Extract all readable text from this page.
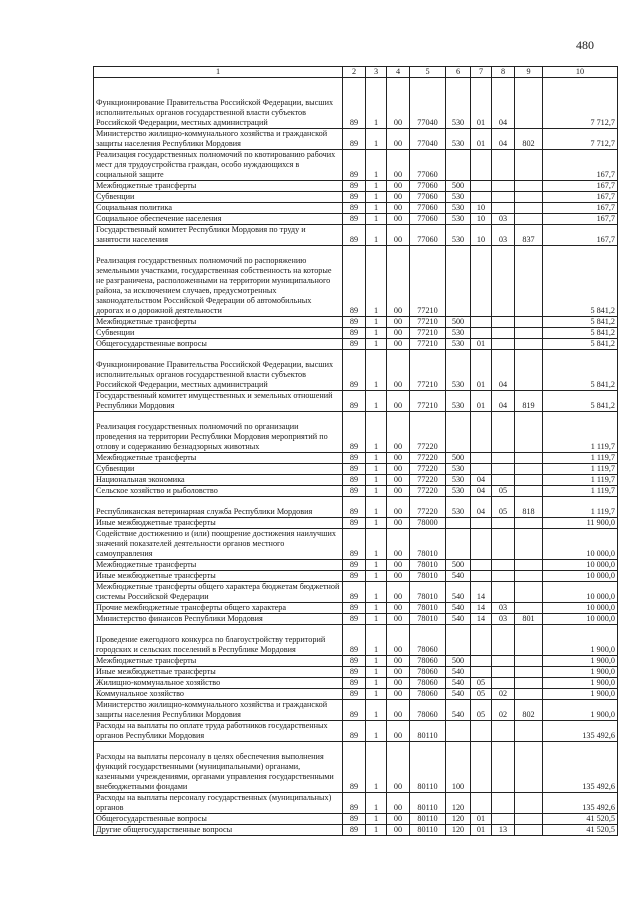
480
1	2	3	4	5	6	7	8	9	10
Функционирование Правительства Российской Федерации, высших исполнительных органов государственной власти субъектов Российской Федерации, местных администраций	89	1	00	77040	530	01	04		7 712,7
Министерство жилищно-коммунального хозяйства и гражданской защиты населения Республики Мордовия	89	1	00	77040	530	01	04	802	7 712,7
Реализация государственных полномочий по квотированию рабочих мест для трудоустройства граждан, особо нуждающихся в социальной защите	89	1	00	77060					167,7
Межбюджетные трансферты	89	1	00	77060	500				167,7
Субвенции	89	1	00	77060	530				167,7
Социальная политика	89	1	00	77060	530	10			167,7
Социальное обеспечение населения	89	1	00	77060	530	10	03		167,7
Государственный комитет Республики Мордовия по труду и занятости населения	89	1	00	77060	530	10	03	837	167,7
Реализация государственных полномочий по распоряжению земельными участками, государственная собственность на которые не разграничена, расположенными на территории муниципального района, за исключением случаев, предусмотренных законодательством Российской Федерации об автомобильных дорогах и о дорожной деятельности	89	1	00	77210					5 841,2
Межбюджетные трансферты	89	1	00	77210	500				5 841,2
Субвенции	89	1	00	77210	530				5 841,2
Общегосударственные вопросы	89	1	00	77210	530	01			5 841,2
Функционирование Правительства Российской Федерации, высших исполнительных органов государственной власти субъектов Российской Федерации, местных администраций	89	1	00	77210	530	01	04		5 841,2
Государственный комитет имущественных и земельных отношений Республики Мордовия	89	1	00	77210	530	01	04	819	5 841,2
Реализация государственных полномочий по организации проведения на территории Республики Мордовия мероприятий по отлову и содержанию безнадзорных животных	89	1	00	77220					1 119,7
Межбюджетные трансферты	89	1	00	77220	500				1 119,7
Субвенции	89	1	00	77220	530				1 119,7
Национальная экономика	89	1	00	77220	530	04			1 119,7
Сельское хозяйство и рыболовство	89	1	00	77220	530	04	05		1 119,7
Республиканская ветеринарная служба Республики Мордовия	89	1	00	77220	530	04	05	818	1 119,7
Иные межбюджетные трансферты	89	1	00	78000					11 900,0
Содействие достижению и (или) поощрение достижения наилучших значений показателей деятельности органов местного самоуправления	89	1	00	78010					10 000,0
Межбюджетные трансферты	89	1	00	78010	500				10 000,0
Иные межбюджетные трансферты	89	1	00	78010	540				10 000,0
Межбюджетные трансферты общего характера бюджетам бюджетной системы Российской Федерации	89	1	00	78010	540	14			10 000,0
Прочие межбюджетные трансферты общего характера	89	1	00	78010	540	14	03		10 000,0
Министерство финансов Республики Мордовия	89	1	00	78010	540	14	03	801	10 000,0
Проведение ежегодного конкурса по благоустройству территорий городских и сельских поселений в Республике Мордовия	89	1	00	78060					1 900,0
Межбюджетные трансферты	89	1	00	78060	500				1 900,0
Иные межбюджетные трансферты	89	1	00	78060	540				1 900,0
Жилищно-коммунальное хозяйство	89	1	00	78060	540	05			1 900,0
Коммунальное хозяйство	89	1	00	78060	540	05	02		1 900,0
Министерство жилищно-коммунального хозяйства и гражданской защиты населения Республики Мордовия	89	1	00	78060	540	05	02	802	1 900,0
Расходы на выплаты по оплате труда работников государственных органов Республики Мордовия	89	1	00	80110					135 492,6
Расходы на выплаты персоналу в целях обеспечения выполнения функций государственными (муниципальными) органами, казенными учреждениями, органами управления государственными внебюджетными фондами	89	1	00	80110	100				135 492,6
Расходы на выплаты персоналу государственных (муниципальных) органов	89	1	00	80110	120				135 492,6
Общегосударственные вопросы	89	1	00	80110	120	01			41 520,5
Другие общегосударственные вопросы	89	1	00	80110	120	01	13		41 520,5
